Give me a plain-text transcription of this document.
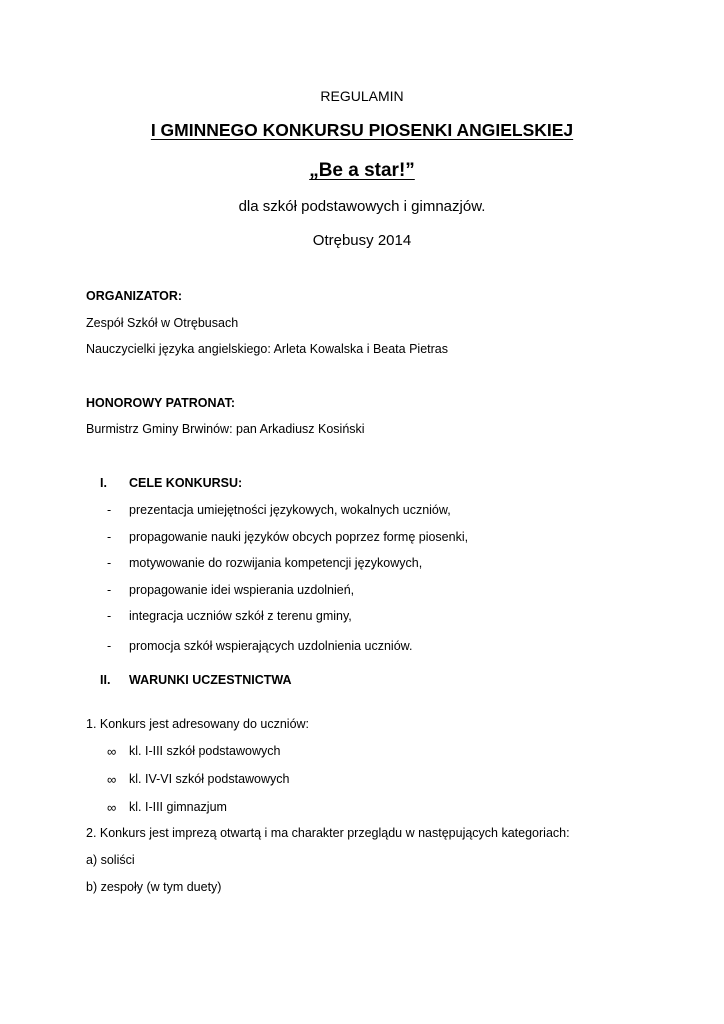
REGULAMIN
I GMINNEGO KONKURSU PIOSENKI ANGIELSKIEJ
„Be a star!”
dla szkół podstawowych i gimnazjów.
Otrębusy 2014
ORGANIZATOR:
Zespół Szkół w Otrębusach
Nauczycielki języka angielskiego: Arleta Kowalska i Beata Pietras
HONOROWY PATRONAT:
Burmistrz Gminy Brwinów: pan Arkadiusz Kosiński
I. CELE KONKURSU:
- prezentacja umiejętności językowych, wokalnych uczniów,
- propagowanie nauki języków obcych poprzez formę piosenki,
- motywowanie do rozwijania kompetencji językowych,
- propagowanie idei wspierania uzdolnień,
- integracja uczniów szkół z terenu gminy,
- promocja szkół wspierających uzdolnienia uczniów.
II. WARUNKI UCZESTNICTWA
1. Konkurs jest adresowany do uczniów:
∞ kl. I-III szkół podstawowych
∞ kl. IV-VI szkół podstawowych
∞ kl. I-III gimnazjum
2. Konkurs jest imprezą otwartą i ma charakter przeglądu w następujących kategoriach:
a) soliści
b) zespoły (w tym duety)
